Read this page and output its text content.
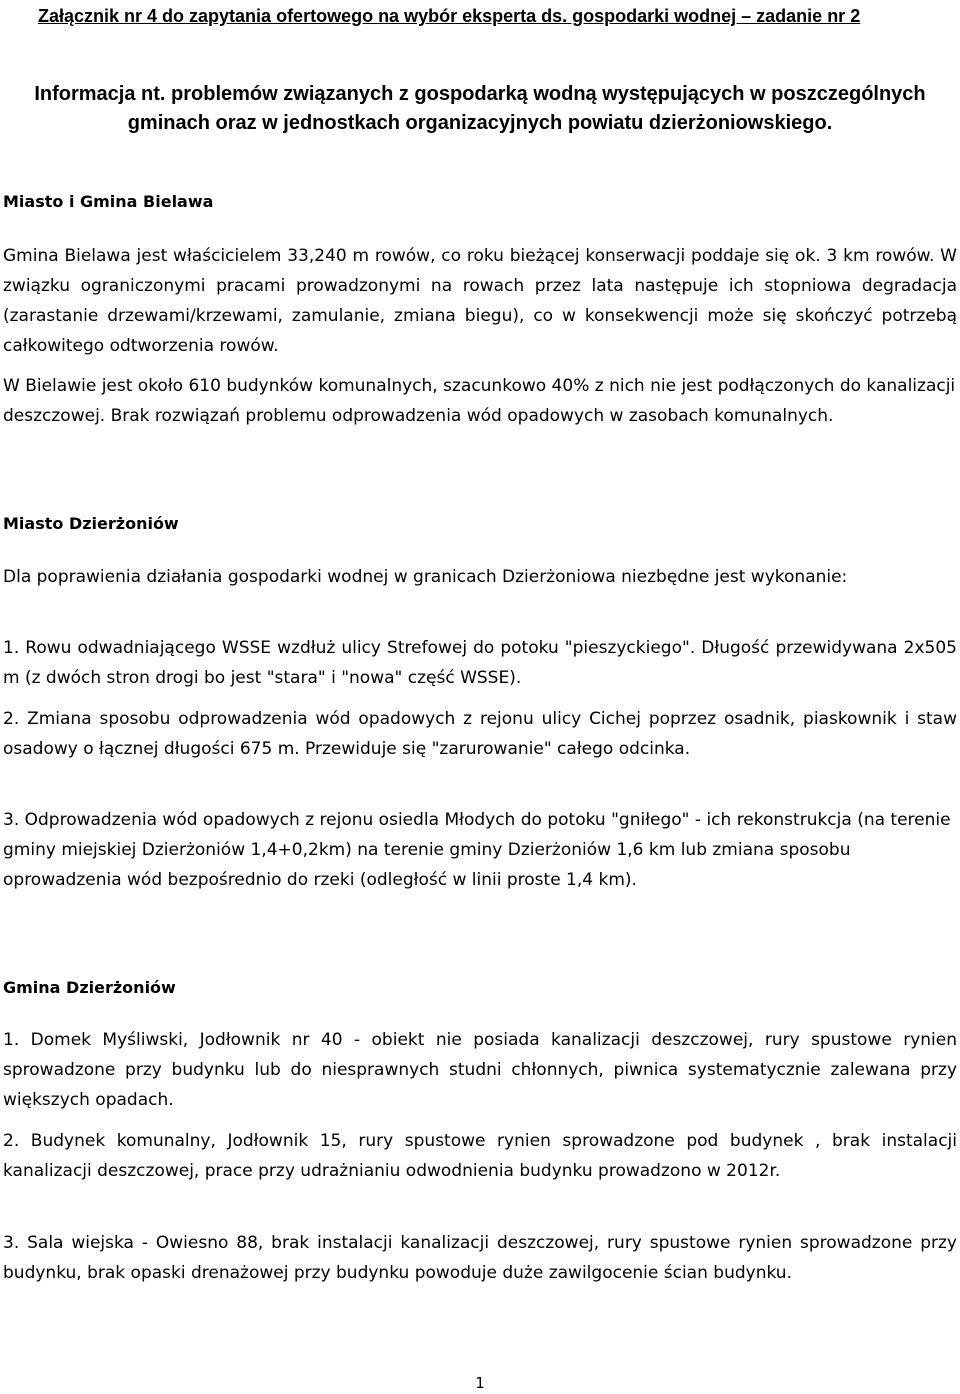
Załącznik nr 4 do zapytania ofertowego na wybór eksperta ds. gospodarki wodnej – zadanie nr 2
Informacja nt. problemów związanych z gospodarką wodną występujących w poszczególnych
gminach oraz w jednostkach organizacyjnych powiatu dzierżoniowskiego.
Miasto i Gmina Bielawa
Gmina Bielawa jest właścicielem 33,240 m rowów, co roku bieżącej konserwacji poddaje się ok. 3 km rowów. W związku ograniczonymi pracami prowadzonymi na rowach przez lata następuje ich stopniowa degradacja (zarastanie drzewami/krzewami, zamulanie, zmiana biegu), co w konsekwencji może się skończyć potrzebą całkowitego odtworzenia rowów.
W Bielawie jest około 610 budynków komunalnych, szacunkowo 40% z nich nie jest podłączonych do kanalizacji deszczowej. Brak rozwiązań problemu odprowadzenia wód opadowych w zasobach komunalnych.
Miasto Dzierżoniów
Dla poprawienia działania gospodarki wodnej w granicach Dzierżoniowa niezbędne jest wykonanie:
1. Rowu odwadniającego WSSE wzdłuż ulicy Strefowej do potoku "pieszyckiego". Długość przewidywana 2x505 m (z dwóch stron drogi bo jest "stara" i "nowa" część WSSE).
2. Zmiana sposobu odprowadzenia wód opadowych z rejonu ulicy Cichej poprzez osadnik, piaskownik i staw osadowy o łącznej długości 675 m. Przewiduje się "zarurowanie" całego odcinka.
3. Odprowadzenia wód opadowych z rejonu osiedla Młodych do potoku "gniłego" - ich rekonstrukcja (na terenie gminy miejskiej Dzierżoniów 1,4+0,2km) na terenie gminy Dzierżoniów 1,6 km lub zmiana sposobu oprowadzenia wód bezpośrednio do rzeki (odległość w linii proste 1,4 km).
Gmina Dzierżoniów
1. Domek Myśliwski, Jodłownik nr 40 - obiekt nie posiada kanalizacji deszczowej, rury spustowe rynien sprowadzone przy budynku lub do niesprawnych studni chłonnych, piwnica systematycznie zalewana przy większych opadach.
2. Budynek komunalny, Jodłownik 15, rury spustowe rynien sprowadzone pod budynek , brak instalacji kanalizacji deszczowej, prace przy udrażnianiu odwodnienia budynku prowadzono w 2012r.
3. Sala wiejska - Owiesno 88, brak instalacji kanalizacji deszczowej, rury spustowe rynien sprowadzone przy budynku, brak opaski drenażowej przy budynku powoduje duże zawilgocenie ścian budynku.
1
